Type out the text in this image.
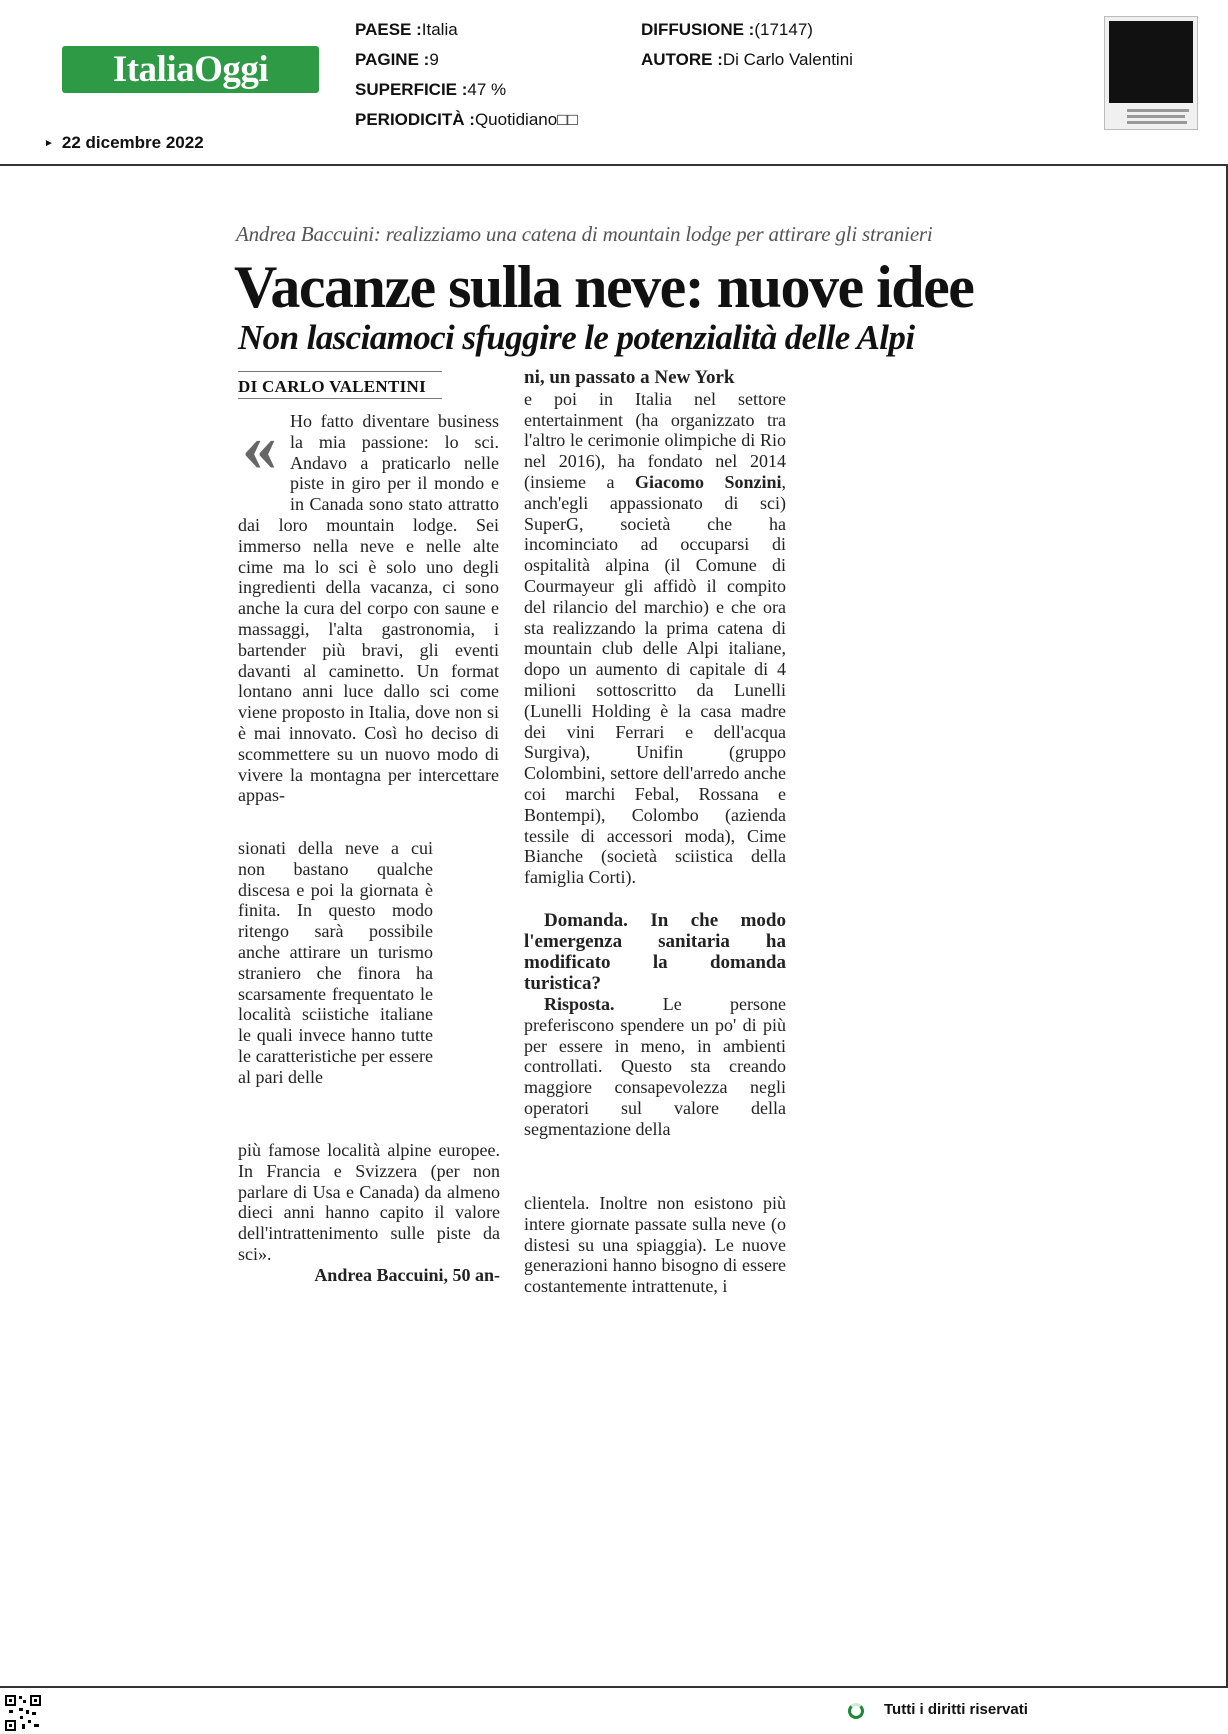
ItaliaOggi
► 22 dicembre 2022
PAESE :Italia
PAGINE :9
SUPERFICIE :47 %
PERIODICITÀ :Quotidiano□□
DIFFUSIONE :(17147)
AUTORE :Di Carlo Valentini
Andrea Baccuini: realizziamo una catena di mountain lodge per attirare gli stranieri
Vacanze sulla neve: nuove idee
Non lasciamoci sfuggire le potenzialità delle Alpi
DI CARLO VALENTINI
« Ho fatto diventare business la mia passione: lo sci. Andavo a praticarlo nelle piste in giro per il mondo e in Canada sono stato attratto dai loro mountain lodge. Sei immerso nella neve e nelle alte cime ma lo sci è solo uno degli ingredienti della vacanza, ci sono anche la cura del corpo con saune e massaggi, l'alta gastronomia, i bartender più bravi, gli eventi davanti al caminetto. Un format lontano anni luce dallo sci come viene proposto in Italia, dove non si è mai innovato. Così ho deciso di scommettere su un nuovo modo di vivere la montagna per intercettare appas-

sionati della neve a cui non bastano qualche discesa e poi la giornata è finita. In questo modo ritengo sarà possibile anche attirare un turismo straniero che finora ha scarsamente frequentato le località sciistiche italiane le quali invece hanno tutte le caratteristiche per essere al pari delle

più famose località alpine europee. In Francia e Svizzera (per non parlare di Usa e Canada) da almeno dieci anni hanno capito il valore dell'intrattenimento sulle piste da sci».

Andrea Baccuini, 50 an-

ni, un passato a New York

e poi in Italia nel settore entertainment (ha organizzato tra l'altro le cerimonie olimpiche di Rio nel 2016), ha fondato nel 2014 (insieme a Giacomo Sonzini, anch'egli appassionato di sci) SuperG, società che ha incominciato ad occuparsi di ospitalità alpina (il Comune di Courmayeur gli affidò il compito del rilancio del marchio) e che ora sta realizzando la prima catena di mountain club delle Alpi italiane, dopo un aumento di capitale di 4 milioni sottoscritto da Lunelli (Lunelli Holding è la casa madre dei vini Ferrari e dell'acqua Surgiva), Unifin (gruppo Colombini, settore dell'arredo anche coi marchi Febal, Rossana e Bontempi), Colombo (azienda tessile di accessori moda), Cime Bianche (società sciistica della famiglia Corti).

Domanda. In che modo l'emergenza sanitaria ha modificato la domanda turistica?

Risposta. Le persone preferiscono spendere un po' di più per essere in meno, in ambienti controllati. Questo sta creando maggiore consapevolezza negli operatori sul valore della segmentazione della

clientela. Inoltre non esistono più intere giornate passate sulla neve (o distesi su una spiaggia). Le nuove generazioni hanno bisogno di essere costantemente intrattenute, i

Tutti i diritti riservati
